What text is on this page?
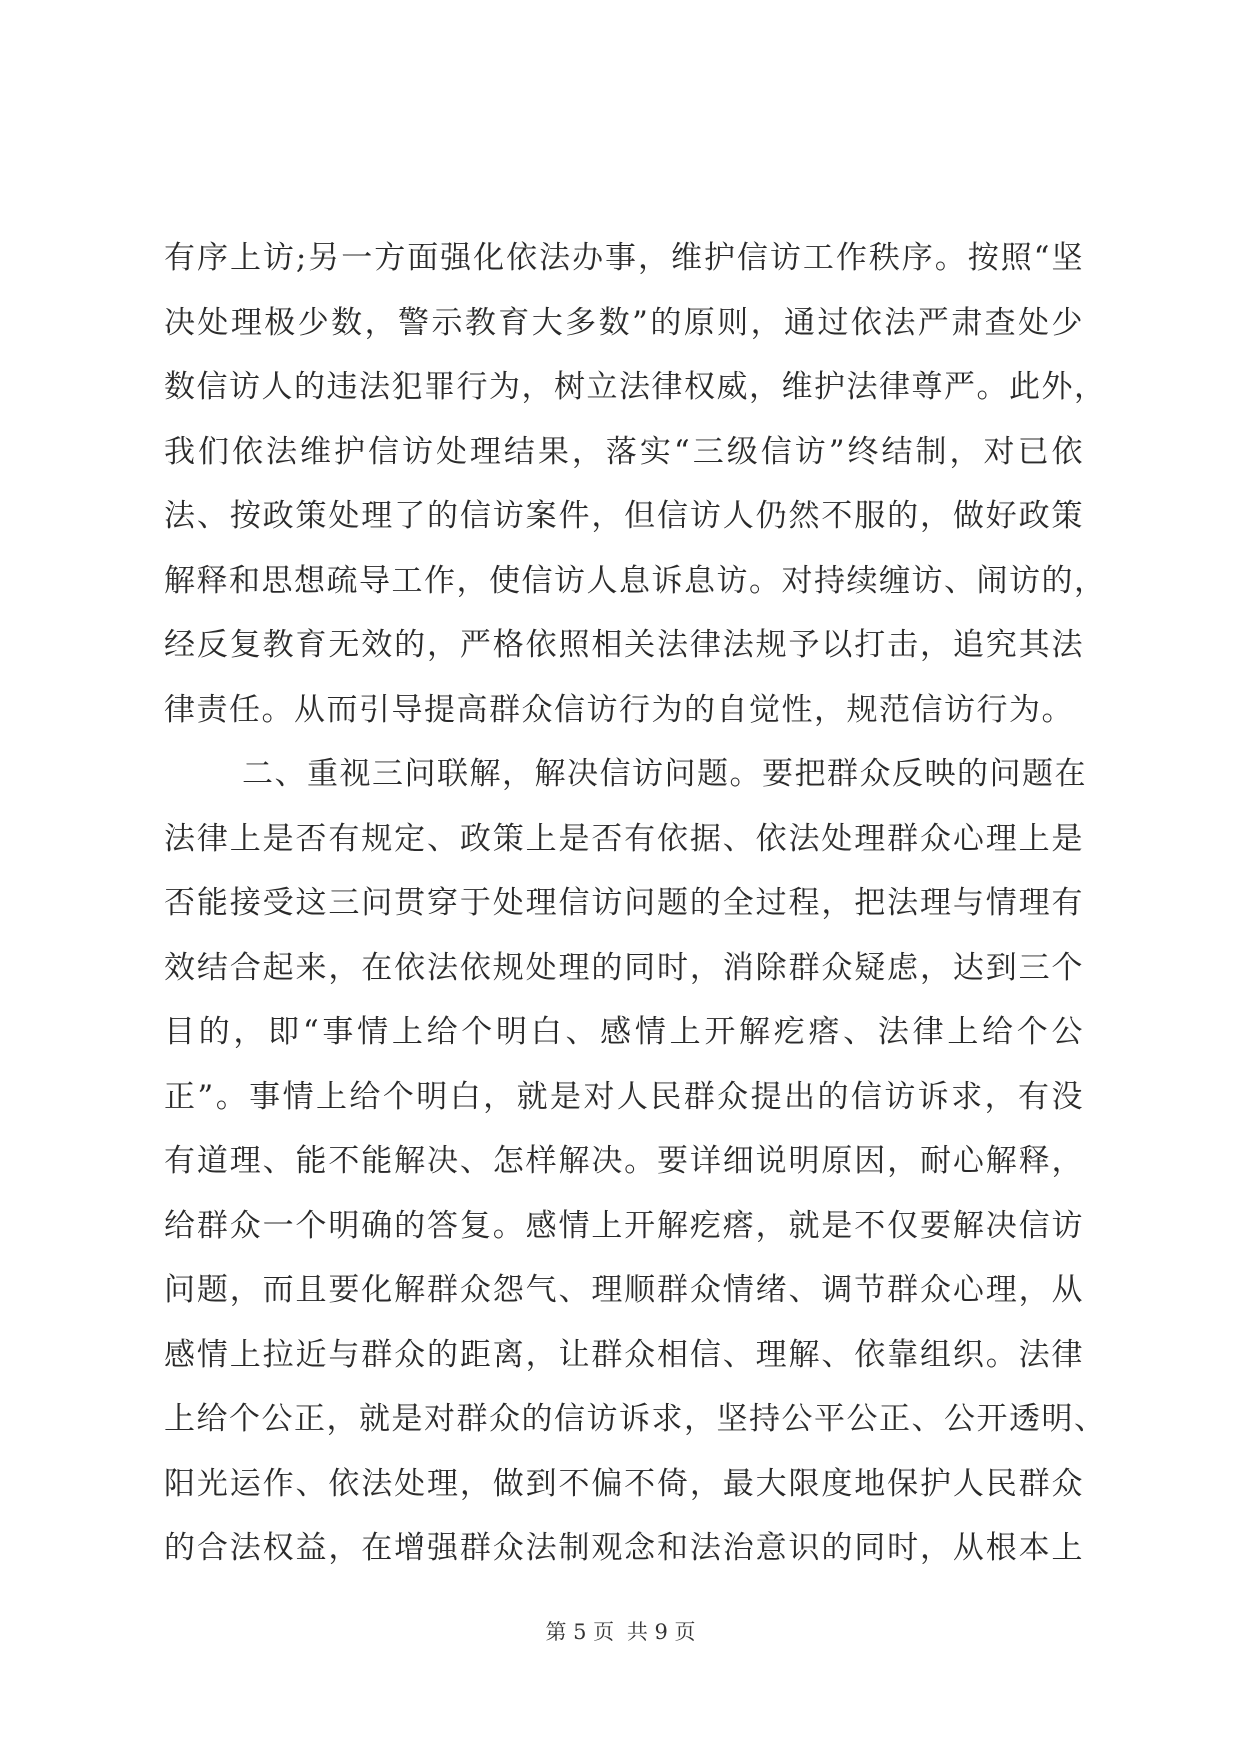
有序上访;另一方面强化依法办事，维护信访工作秩序。按照“坚
决处理极少数，警示教育大多数”的原则，通过依法严肃查处少
数信访人的违法犯罪行为，树立法律权威，维护法律尊严。此外，
我们依法维护信访处理结果，落实“三级信访”终结制，对已依
法、按政策处理了的信访案件，但信访人仍然不服的，做好政策
解释和思想疏导工作，使信访人息诉息访。对持续缠访、闹访的，
经反复教育无效的，严格依照相关法律法规予以打击，追究其法
律责任。从而引导提高群众信访行为的自觉性，规范信访行为。
二、重视三问联解，解决信访问题。要把群众反映的问题在
法律上是否有规定、政策上是否有依据、依法处理群众心理上是
否能接受这三问贯穿于处理信访问题的全过程，把法理与情理有
效结合起来，在依法依规处理的同时，消除群众疑虑，达到三个
目的，即“事情上给个明白、感情上开解疙瘩、法律上给个公
正”。事情上给个明白，就是对人民群众提出的信访诉求，有没
有道理、能不能解决、怎样解决。要详细说明原因，耐心解释，
给群众一个明确的答复。感情上开解疙瘩，就是不仅要解决信访
问题，而且要化解群众怨气、理顺群众情绪、调节群众心理，从
感情上拉近与群众的距离，让群众相信、理解、依靠组织。法律
上给个公正，就是对群众的信访诉求，坚持公平公正、公开透明、
阳光运作、依法处理，做到不偏不倚，最大限度地保护人民群众
的合法权益，在增强群众法制观念和法治意识的同时，从根本上
第 5 页 共 9 页
